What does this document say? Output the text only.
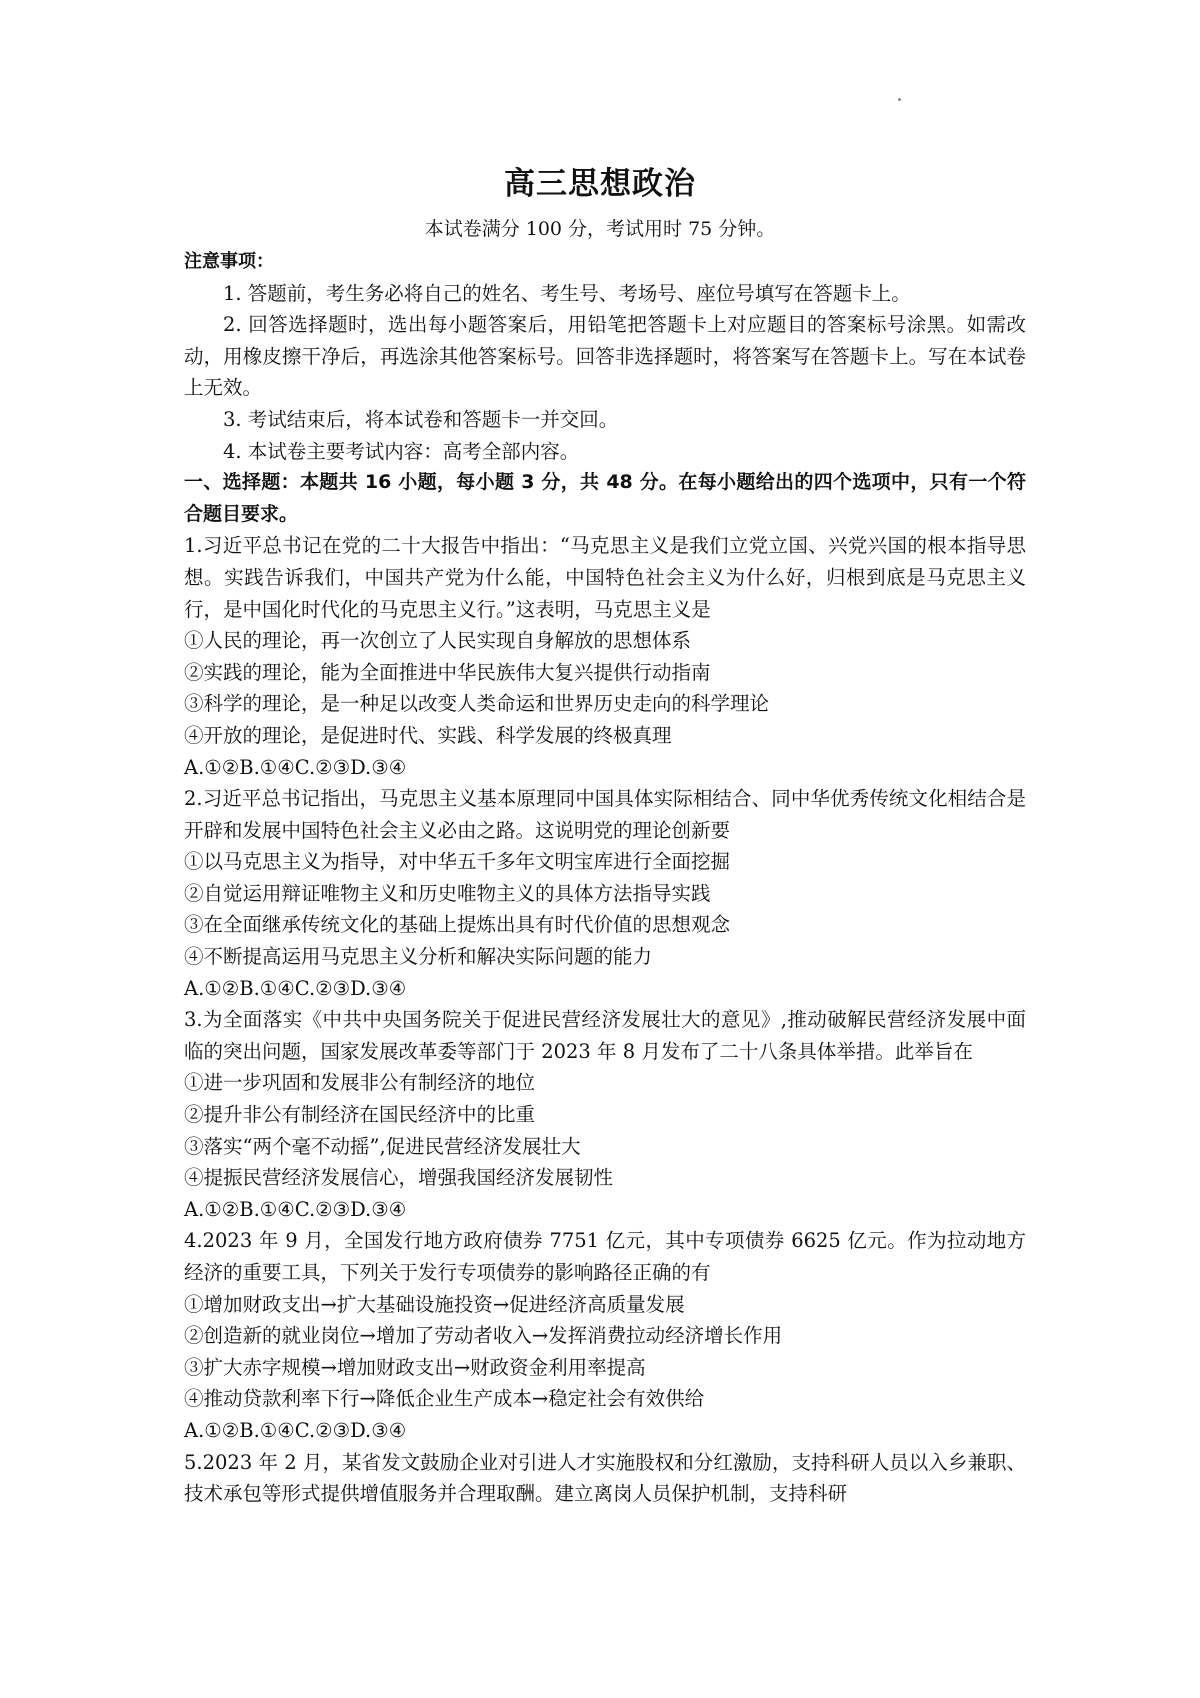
高三思想政治

本试卷满分 100 分，考试用时 75 分钟。

注意事项：

1. 答题前，考生务必将自己的姓名、考生号、考场号、座位号填写在答题卡上。

2. 回答选择题时，选出每小题答案后，用铅笔把答题卡上对应题目的答案标号涂黑。如需改动，用橡皮擦干净后，再选涂其他答案标号。回答非选择题时，将答案写在答题卡上。写在本试卷上无效。

3. 考试结束后，将本试卷和答题卡一并交回。

4. 本试卷主要考试内容：高考全部内容。

一、选择题：本题共 16 小题，每小题 3 分，共 48 分。在每小题给出的四个选项中，只有一个符合题目要求。

1.习近平总书记在党的二十大报告中指出：“马克思主义是我们立党立国、兴党兴国的根本指导思想。实践告诉我们，中国共产党为什么能，中国特色社会主义为什么好，归根到底是马克思主义行，是中国化时代化的马克思主义行。”这表明，马克思主义是

①人民的理论，再一次创立了人民实现自身解放的思想体系

②实践的理论，能为全面推进中华民族伟大复兴提供行动指南

③科学的理论，是一种足以改变人类命运和世界历史走向的科学理论

④开放的理论，是促进时代、实践、科学发展的终极真理

A.①②B.①④C.②③D.③④

2.习近平总书记指出，马克思主义基本原理同中国具体实际相结合、同中华优秀传统文化相结合是开辟和发展中国特色社会主义必由之路。这说明党的理论创新要

①以马克思主义为指导，对中华五千多年文明宝库进行全面挖掘

②自觉运用辩证唯物主义和历史唯物主义的具体方法指导实践

③在全面继承传统文化的基础上提炼出具有时代价值的思想观念

④不断提高运用马克思主义分析和解决实际问题的能力

A.①②B.①④C.②③D.③④

3.为全面落实《中共中央国务院关于促进民营经济发展壮大的意见》,推动破解民营经济发展中面临的突出问题，国家发展改革委等部门于 2023 年 8 月发布了二十八条具体举措。此举旨在

①进一步巩固和发展非公有制经济的地位

②提升非公有制经济在国民经济中的比重

③落实“两个毫不动摇”,促进民营经济发展壮大

④提振民营经济发展信心，增强我国经济发展韧性

A.①②B.①④C.②③D.③④

4.2023 年 9 月，全国发行地方政府债券 7751 亿元，其中专项债券 6625 亿元。作为拉动地方经济的重要工具，下列关于发行专项债券的影响路径正确的有

①增加财政支出→扩大基础设施投资→促进经济高质量发展

②创造新的就业岗位→增加了劳动者收入→发挥消费拉动经济增长作用

③扩大赤字规模→增加财政支出→财政资金利用率提高

④推动贷款利率下行→降低企业生产成本→稳定社会有效供给

A.①②B.①④C.②③D.③④

5.2023 年 2 月，某省发文鼓励企业对引进人才实施股权和分红激励，支持科研人员以入乡兼职、技术承包等形式提供增值服务并合理取酬。建立离岗人员保护机制，支持科研
